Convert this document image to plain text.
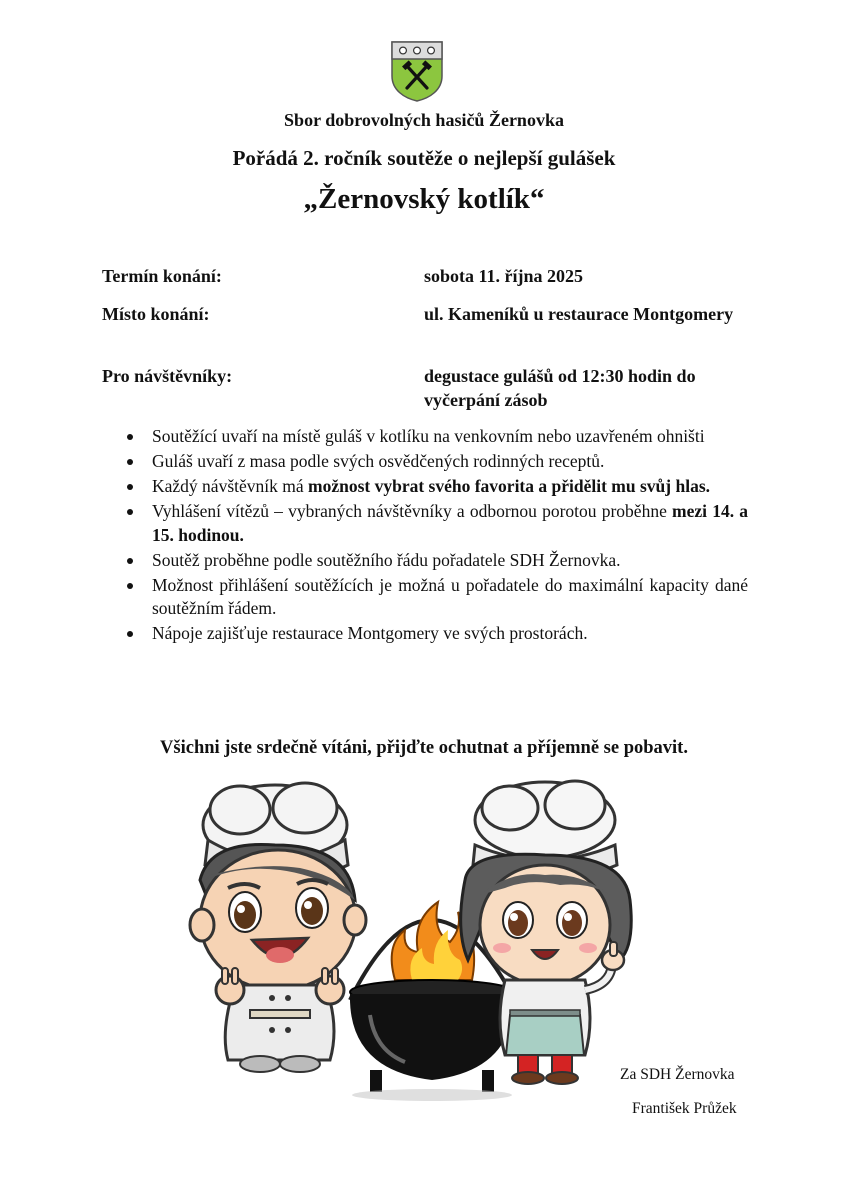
Sbor dobrovolných hasičů Žernovka
Pořádá 2. ročník soutěže o nejlepší gulášek
„Žernovský kotlík“
Termín konání:	sobota 11. října 2025
Místo konání:	ul. Kameníků u restaurace Montgomery
Pro návštěvníky:	degustace gulášů od 12:30 hodin do vyčerpání zásob
Soutěžící uvaří na místě guláš v kotlíku na venkovním nebo uzavřeném ohništi
Guláš uvaří z masa podle svých osvědčených rodinných receptů.
Každý návštěvník má možnost vybrat svého favorita a přidělit mu svůj hlas.
Vyhlášení vítězů – vybraných návštěvníky a odbornou porotou proběhne mezi 14. a 15. hodinou.
Soutěž proběhne podle soutěžního řádu pořadatele SDH Žernovka.
Možnost přihlášení soutěžících je možná u pořadatele do maximální kapacity dané soutěžním řádem.
Nápoje zajišťuje restaurace Montgomery ve svých prostorách.
Všichni jste srdečně vítáni, přijďte ochutnat a příjemně se pobavit.
Za SDH Žernovka
František Průžek
